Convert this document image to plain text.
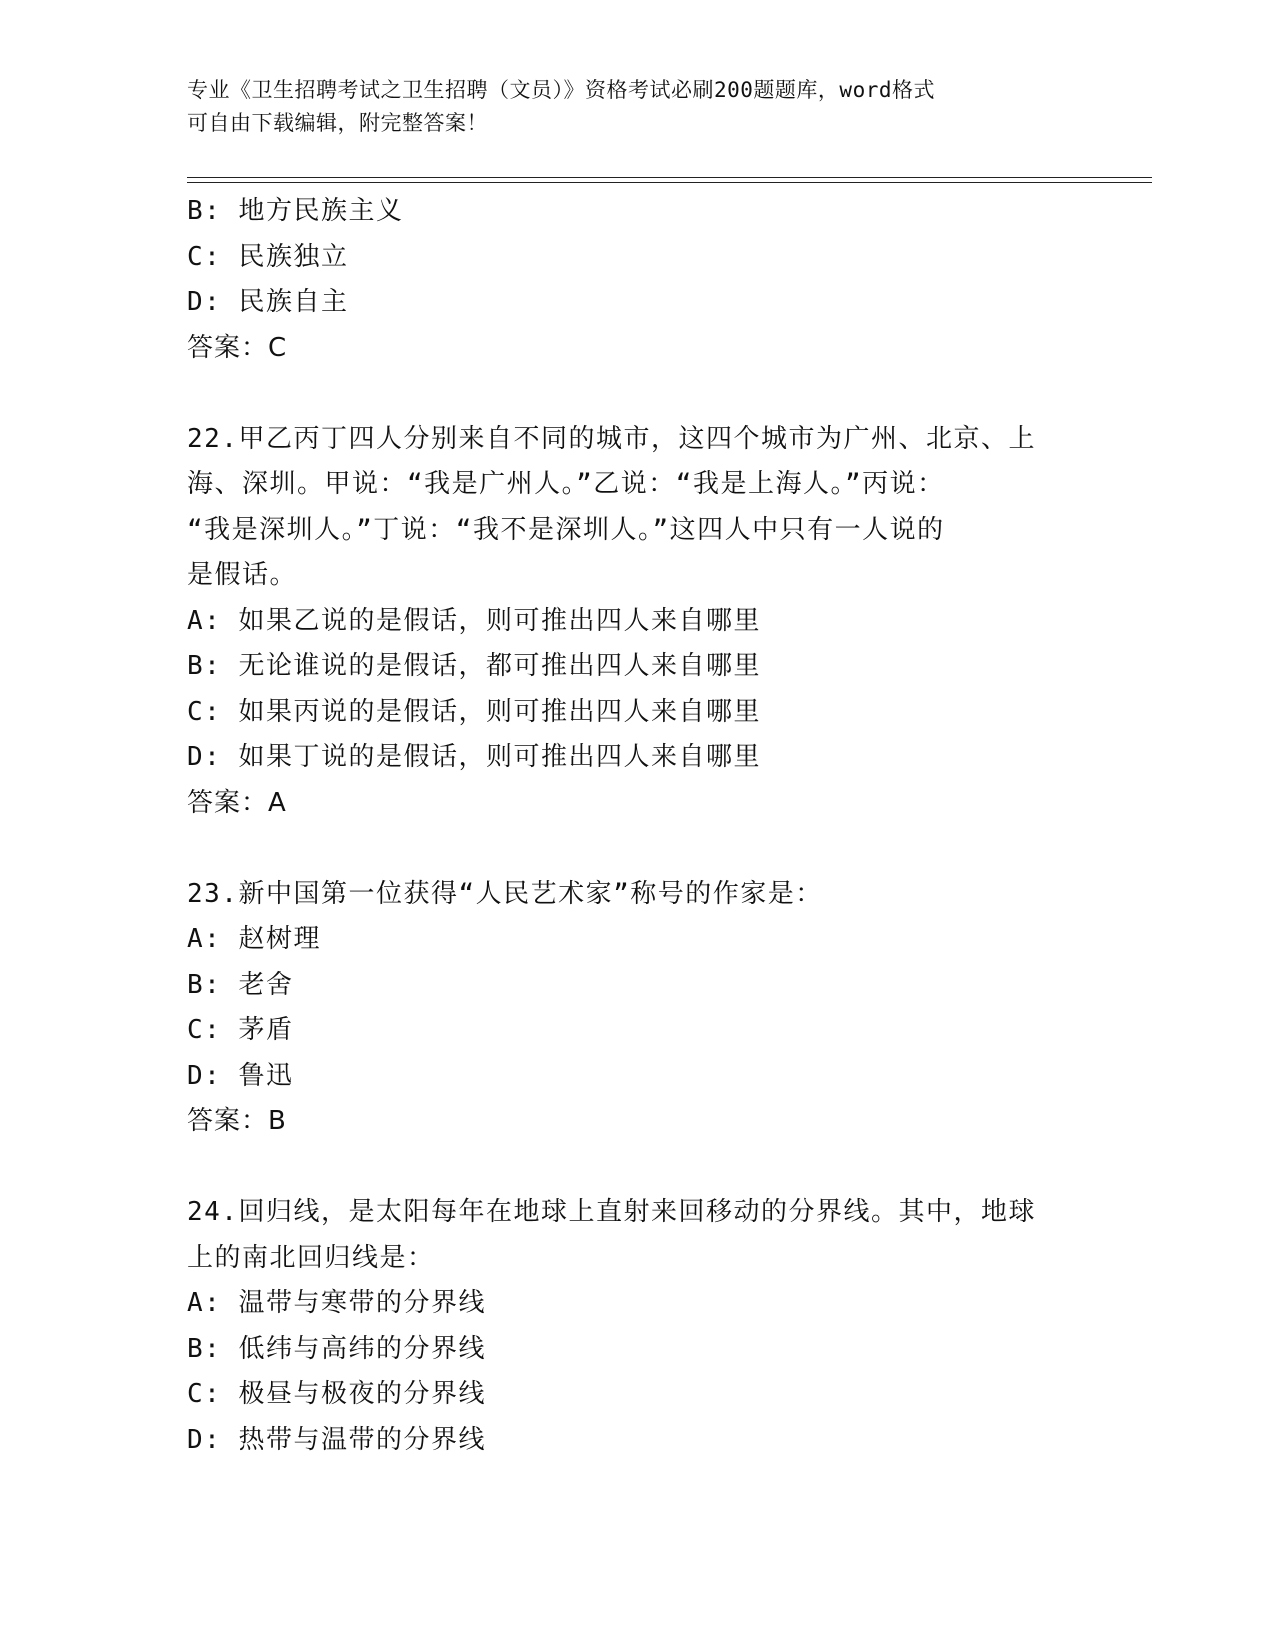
专业《卫生招聘考试之卫生招聘（文员）》资格考试必刷200题题库，word格式
可自由下载编辑，附完整答案！
B: 地方民族主义
C: 民族独立
D: 民族自主
答案：C
22.甲乙丙丁四人分别来自不同的城市，这四个城市为广州、北京、上
海、深圳。甲说：“我是广州人。”乙说：“我是上海人。”丙说：
“我是深圳人。”丁说：“我不是深圳人。”这四人中只有一人说的
是假话。
A: 如果乙说的是假话，则可推出四人来自哪里
B: 无论谁说的是假话，都可推出四人来自哪里
C: 如果丙说的是假话，则可推出四人来自哪里
D: 如果丁说的是假话，则可推出四人来自哪里
答案：A
23.新中国第一位获得“人民艺术家”称号的作家是：
A: 赵树理
B: 老舍
C: 茅盾
D: 鲁迅
答案：B
24.回归线，是太阳每年在地球上直射来回移动的分界线。其中，地球
上的南北回归线是：
A: 温带与寒带的分界线
B: 低纬与高纬的分界线
C: 极昼与极夜的分界线
D: 热带与温带的分界线
